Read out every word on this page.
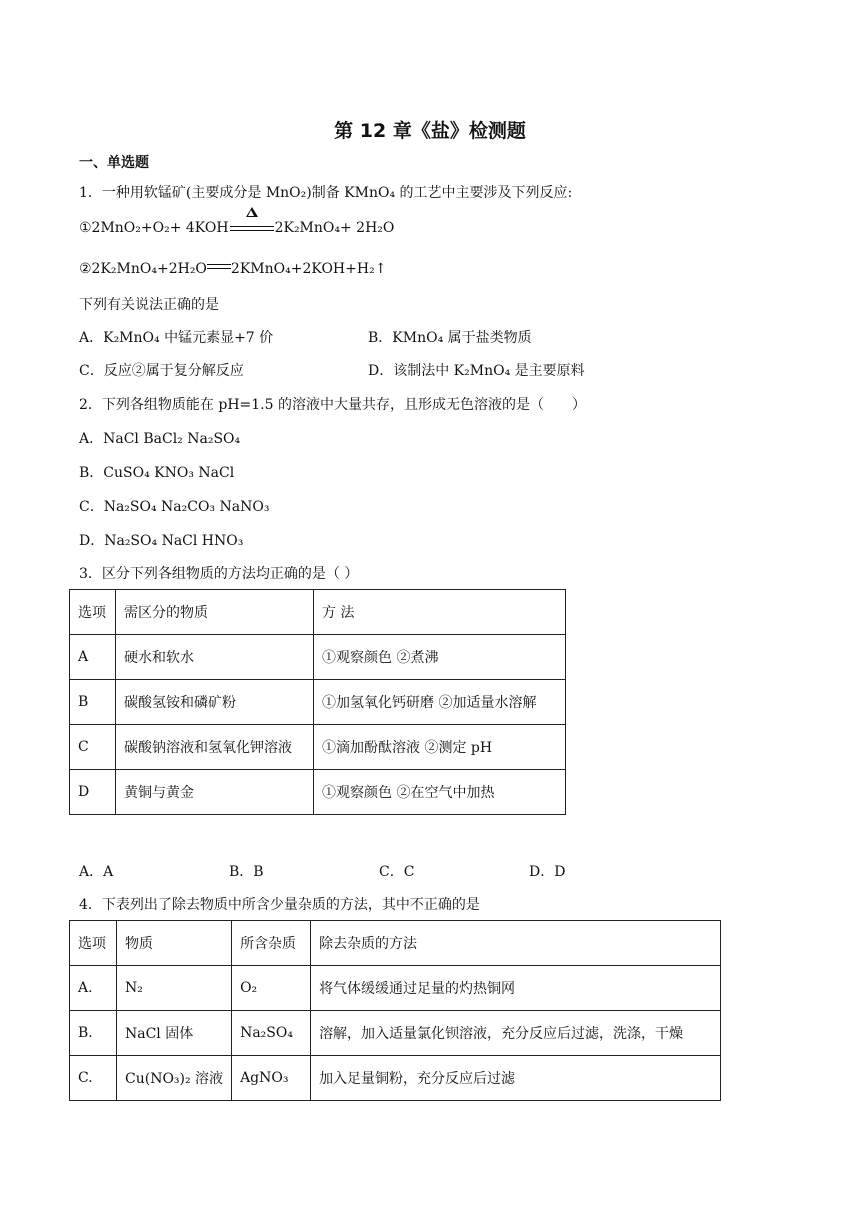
第 12 章《盐》检测题
一、单选题
1．一种用软锰矿(主要成分是 MnO₂)制备 KMnO₄ 的工艺中主要涉及下列反应:
①2MnO₂+O₂+ 4KOH	2K₂MnO₄+ 2H₂O
②2K₂MnO₄+2H₂O 2KMnO₄+2KOH+H₂↑
下列有关说法正确的是
A．K₂MnO₄ 中锰元素显+7 价	B．KMnO₄ 属于盐类物质
C．反应②属于复分解反应	D．该制法中 K₂MnO₄ 是主要原料
2．下列各组物质能在 pH=1.5 的溶液中大量共存，且形成无色溶液的是（　　）
A．NaCl BaCl₂ Na₂SO₄
B．CuSO₄ KNO₃ NaCl
C．Na₂SO₄ Na₂CO₃ NaNO₃
D．Na₂SO₄ NaCl HNO₃
3．区分下列各组物质的方法均正确的是（ ）
选项	需区分的物质	方 法
A	硬水和软水	①观察颜色 ②煮沸
B	碳酸氢铵和磷矿粉	①加氢氧化钙研磨 ②加适量水溶解
C	碳酸钠溶液和氢氧化钾溶液	①滴加酚酞溶液 ②测定 pH
D	黄铜与黄金	①观察颜色 ②在空气中加热
A．A	B．B	C．C	D．D
4．下表列出了除去物质中所含少量杂质的方法，其中不正确的是
选项	物质	所含杂质	除去杂质的方法
A.	N₂	O₂	将气体缓缓通过足量的灼热铜网
B.	NaCl 固体	Na₂SO₄	溶解，加入适量氯化钡溶液，充分反应后过滤，洗涤，干燥
C.	Cu(NO₃)₂ 溶液	AgNO₃	加入足量铜粉，充分反应后过滤
